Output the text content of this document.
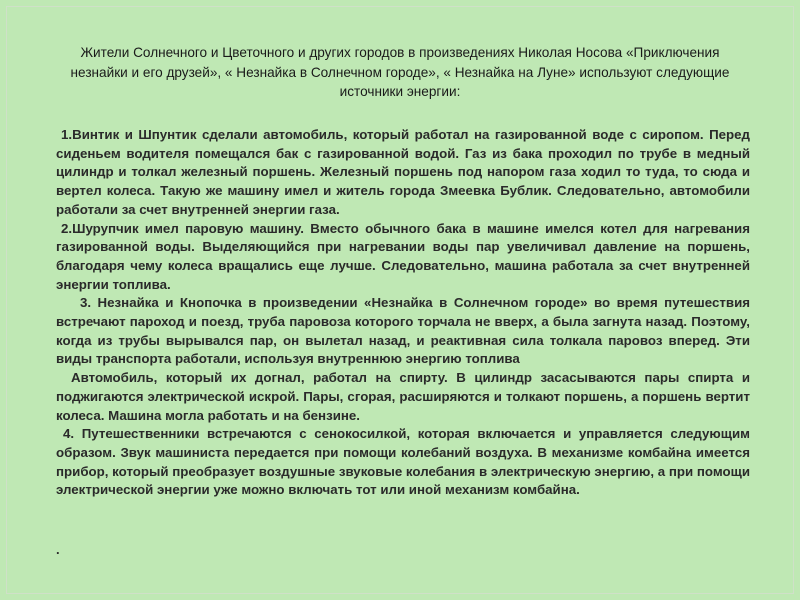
Жители Солнечного и Цветочного и других городов в произведениях Николая Носова «Приключения незнайки и его друзей», « Незнайка в Солнечном городе», « Незнайка на Луне» используют следующие источники энергии:

1.Винтик и Шпунтик сделали автомобиль, который работал на газированной воде с сиропом. Перед сиденьем водителя помещался бак с газированной водой. Газ из бака проходил по трубе в медный цилиндр и толкал железный поршень. Железный поршень под напором газа ходил то туда, то сюда и вертел колеса. Такую же машину имел и житель города Змеевка Бублик. Следовательно, автомобили работали за счет внутренней энергии газа.

2.Шурупчик имел паровую машину. Вместо обычного бака в машине имелся котел для нагревания газированной воды. Выделяющийся при нагревании воды пар увеличивал давление на поршень, благодаря чему колеса вращались еще лучше. Следовательно, машина работала за счет внутренней энергии топлива.

3. Незнайка и Кнопочка в произведении «Незнайка в Солнечном городе» во время путешествия встречают пароход и поезд, труба паровоза которого торчала не вверх, а была загнута назад. Поэтому, когда из трубы вырывался пар, он вылетал назад, и реактивная сила толкала паровоз вперед. Эти виды транспорта работали, используя внутреннюю энергию топлива

Автомобиль, который их догнал, работал на спирту. В цилиндр засасываются пары спирта и поджигаются электрической искрой. Пары, сгорая, расширяются и толкают поршень, а поршень вертит колеса. Машина могла работать и на бензине.

4. Путешественники встречаются с сенокосилкой, которая включается и управляется следующим образом. Звук машиниста передается при помощи колебаний воздуха. В механизме комбайна имеется прибор, который преобразует воздушные звуковые колебания в электрическую энергию, а при помощи электрической энергии уже можно включать тот или иной механизм комбайна.

.
